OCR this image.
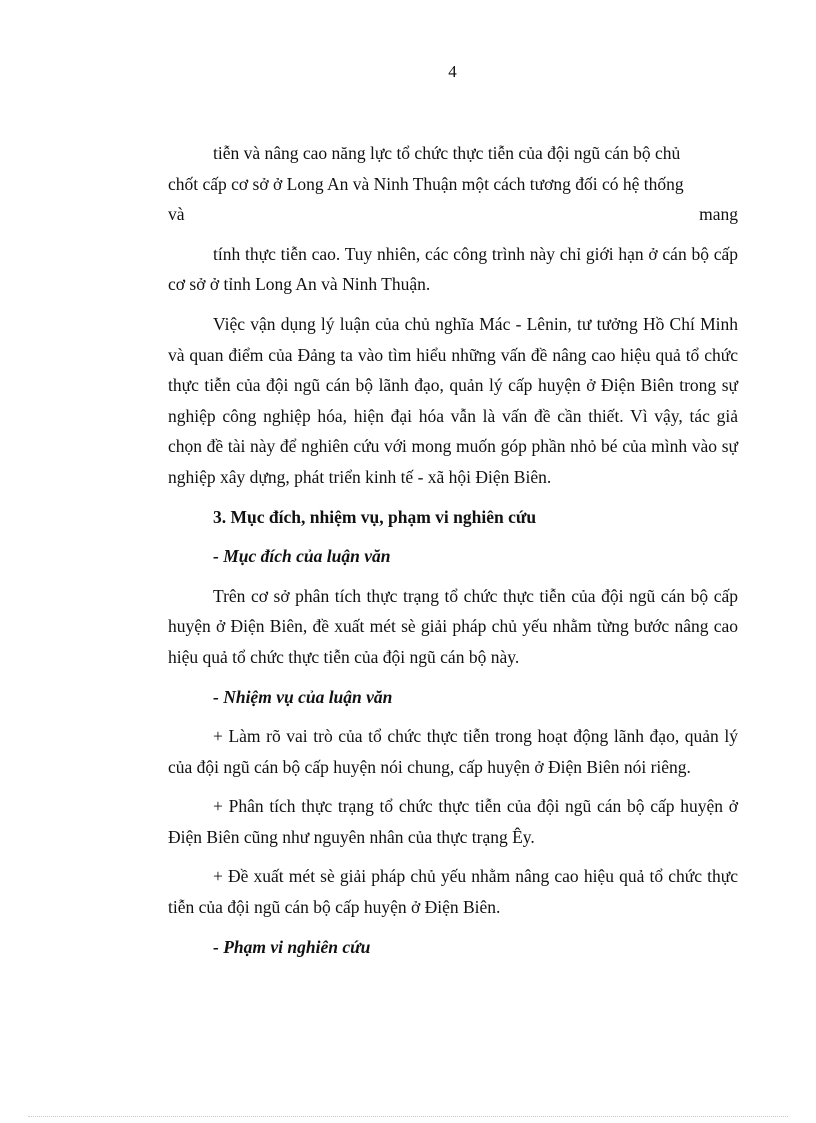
4

tiễn và nâng cao năng lực tổ chức thực tiễn của đội ngũ cán bộ chủ

chốt cấp cơ sở ở Long An và Ninh Thuận một cách tương đối có hệ thống

và	mang

tính thực tiễn cao. Tuy nhiên, các công trình này chỉ giới hạn ở cán bộ cấp cơ sở ở tỉnh Long An và Ninh Thuận.

Việc vận dụng lý luận của chủ nghĩa Mác - Lênin, tư tưởng Hồ Chí Minh và quan điểm của Đảng ta vào tìm hiểu những vấn đề nâng cao hiệu quả tổ chức thực tiễn của đội ngũ cán bộ lãnh đạo, quản lý cấp huyện ở Điện Biên trong sự nghiệp công nghiệp hóa, hiện đại hóa vẫn là vấn đề cần thiết. Vì vậy, tác giả chọn đề tài này để nghiên cứu với mong muốn góp phần nhỏ bé của mình vào sự nghiệp xây dựng, phát triển kinh tế - xã hội Điện Biên.

3. Mục đích, nhiệm vụ, phạm vi nghiên cứu

- Mục đích của luận văn

Trên cơ sở phân tích thực trạng tổ chức thực tiễn của đội ngũ cán bộ cấp huyện ở Điện Biên, đề xuất mét sè giải pháp chủ yếu nhằm từng bước nâng cao hiệu quả tổ chức thực tiễn của đội ngũ cán bộ này.

- Nhiệm vụ của luận văn

+ Làm rõ vai trò của tổ chức thực tiễn trong hoạt động lãnh đạo, quản lý của đội ngũ cán bộ cấp huyện nói chung, cấp huyện ở Điện Biên nói riêng.

+ Phân tích thực trạng tổ chức thực tiễn của đội ngũ cán bộ cấp huyện ở Điện Biên cũng như nguyên nhân của thực trạng Êy.

+ Đề xuất mét sè giải pháp chủ yếu nhằm nâng cao hiệu quả tổ chức thực tiễn của đội ngũ cán bộ cấp huyện ở Điện Biên.

- Phạm vi nghiên cứu
